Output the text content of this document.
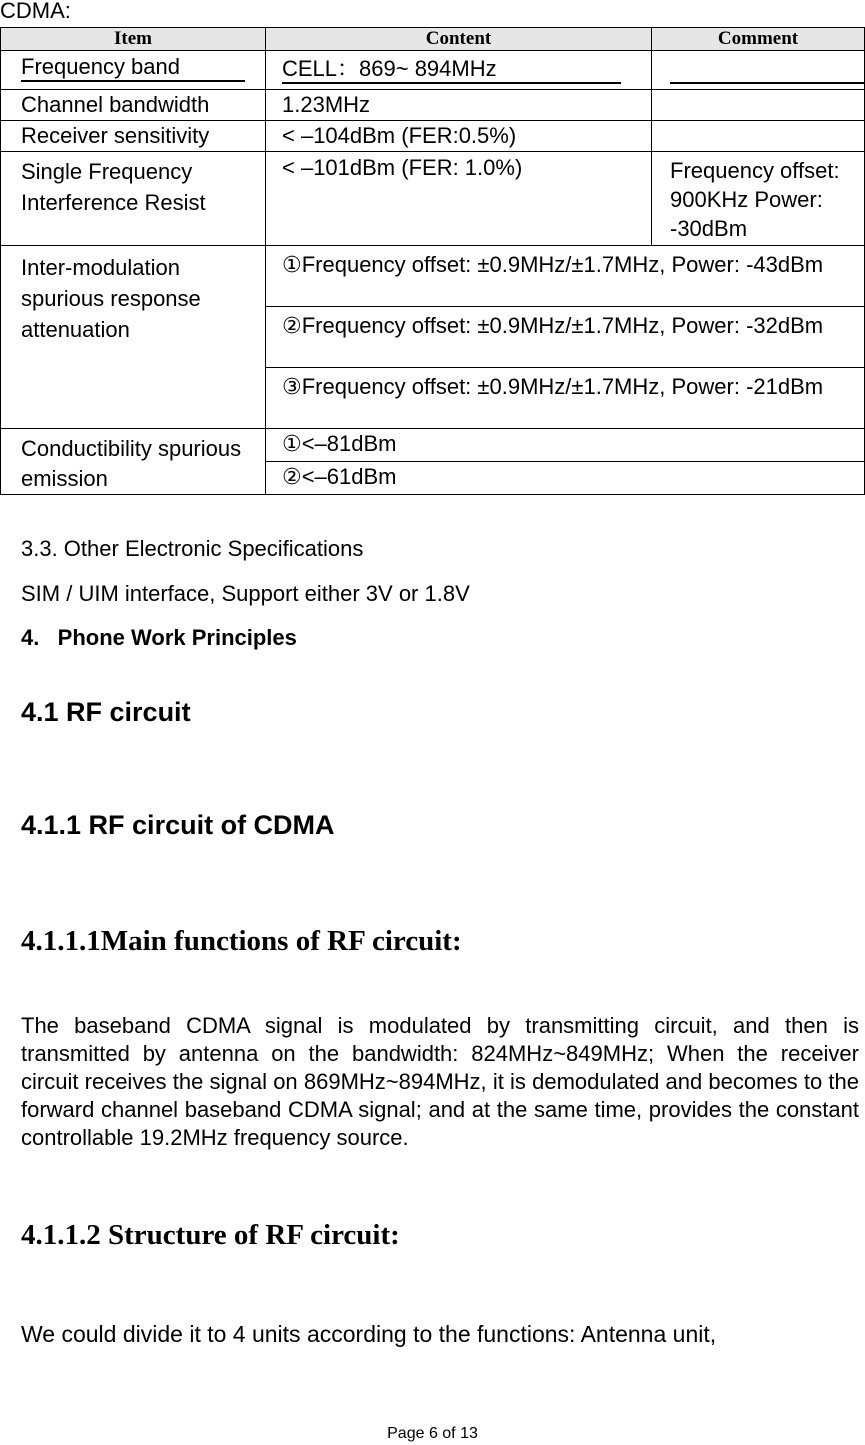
CDMA:
Item	Content	Comment
Frequency band	CELL：869~ 894MHz	
Channel bandwidth	1.23MHz	
Receiver sensitivity	< –104dBm (FER:0.5%)	
Single Frequency Interference Resist	< –101dBm (FER: 1.0%)	Frequency offset: 900KHz Power: -30dBm
Inter-modulation spurious response attenuation	①Frequency offset: ±0.9MHz/±1.7MHz, Power: -43dBm	
	②Frequency offset: ±0.9MHz/±1.7MHz, Power: -32dBm	
	③Frequency offset: ±0.9MHz/±1.7MHz, Power: -21dBm	
Conductibility spurious emission	①<–81dBm	
	②<–61dBm	
3.3. Other Electronic Specifications
SIM / UIM interface, Support either 3V or 1.8V
4.   Phone Work Principles
4.1 RF circuit
4.1.1 RF circuit of CDMA
4.1.1.1Main functions of RF circuit:
The baseband CDMA signal is modulated by transmitting circuit, and then is transmitted by antenna on the bandwidth: 824MHz~849MHz; When the receiver circuit receives the signal on 869MHz~894MHz, it is demodulated and becomes to the forward channel baseband CDMA signal; and at the same time, provides the constant controllable 19.2MHz frequency source.
4.1.1.2 Structure of RF circuit:
We could divide it to 4 units according to the functions: Antenna unit,
Page 6 of 13
